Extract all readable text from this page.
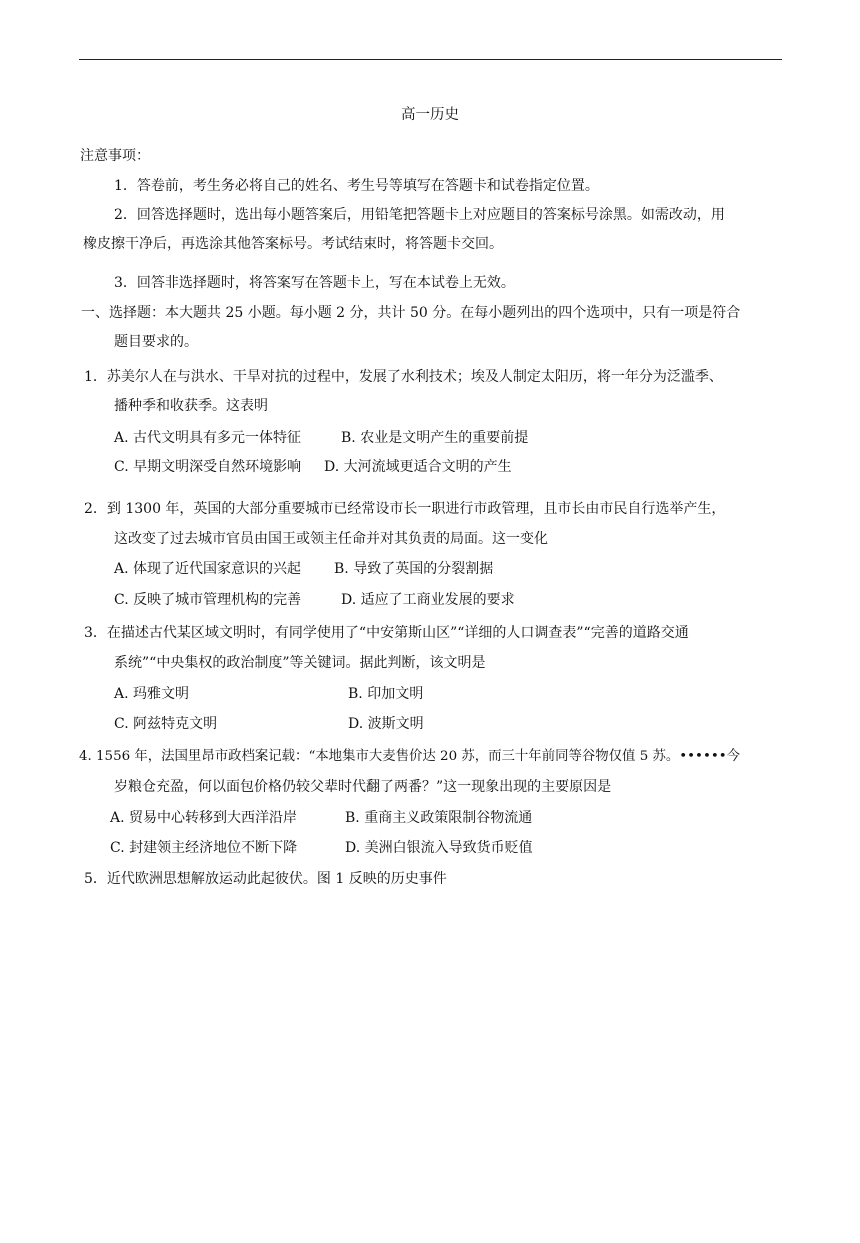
高一历史
注意事项：
1．答卷前，考生务必将自己的姓名、考生号等填写在答题卡和试卷指定位置。
2．回答选择题时，选出每小题答案后，用铅笔把答题卡上对应题目的答案标号涂黑。如需改动，用
橡皮擦干净后，再选涂其他答案标号。考试结束时，将答题卡交回。
3．回答非选择题时，将答案写在答题卡上，写在本试卷上无效。
一、选择题：本大题共 25 小题。每小题 2 分，共计 50 分。在每小题列出的四个选项中，只有一项是符合
题目要求的。
1．苏美尔人在与洪水、干旱对抗的过程中，发展了水利技术；埃及人制定太阳历，将一年分为泛滥季、
播种季和收获季。这表明
A. 古代文明具有多元一体特征	B. 农业是文明产生的重要前提
C. 早期文明深受自然环境影响 D. 大河流域更适合文明的产生
2．到 1300 年，英国的大部分重要城市已经常设市长一职进行市政管理，且市长由市民自行选举产生，
这改变了过去城市官员由国王或领主任命并对其负责的局面。这一变化
A. 体现了近代国家意识的兴起 B. 导致了英国的分裂割据
C. 反映了城市管理机构的完善	D. 适应了工商业发展的要求
3．在描述古代某区域文明时，有同学使用了“中安第斯山区”“详细的人口调查表”“完善的道路交通
系统”“中央集权的政治制度”等关键词。据此判断，该文明是
A. 玛雅文明	B. 印加文明
C. 阿兹特克文明	D. 波斯文明
4. 1556 年，法国里昂市政档案记载：“本地集市大麦售价达 20 苏，而三十年前同等谷物仅值 5 苏。••••••今
岁粮仓充盈，何以面包价格仍较父辈时代翻了两番？”这一现象出现的主要原因是
A. 贸易中心转移到大西洋沿岸	B. 重商主义政策限制谷物流通
C. 封建领主经济地位不断下降	D. 美洲白银流入导致货币贬值
5．近代欧洲思想解放运动此起彼伏。图 1 反映的历史事件
